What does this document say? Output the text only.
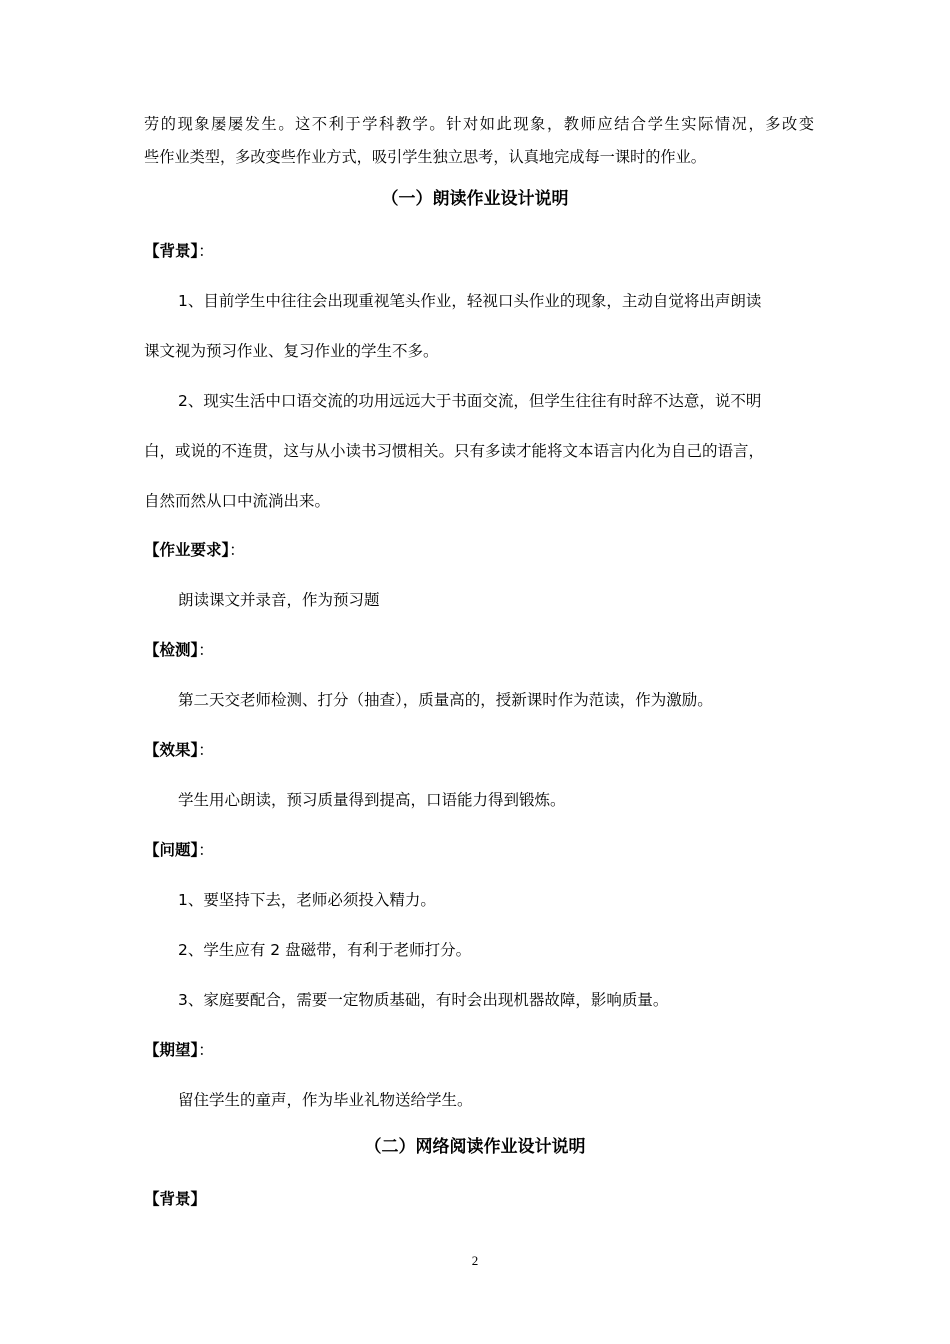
劳的现象屡屡发生。这不利于学科教学。针对如此现象，教师应结合学生实际情况，多改变
些作业类型，多改变些作业方式，吸引学生独立思考，认真地完成每一课时的作业。
（一）朗读作业设计说明
【背景】：
1、目前学生中往往会出现重视笔头作业，轻视口头作业的现象，主动自觉将出声朗读
课文视为预习作业、复习作业的学生不多。
2、现实生活中口语交流的功用远远大于书面交流，但学生往往有时辞不达意，说不明
白，或说的不连贯，这与从小读书习惯相关。只有多读才能将文本语言内化为自己的语言，
自然而然从口中流淌出来。
【作业要求】：
朗读课文并录音，作为预习题
【检测】：
第二天交老师检测、打分（抽查），质量高的，授新课时作为范读，作为激励。
【效果】：
学生用心朗读，预习质量得到提高，口语能力得到锻炼。
【问题】：
1、要坚持下去，老师必须投入精力。
2、学生应有 2 盘磁带，有利于老师打分。
3、家庭要配合，需要一定物质基础，有时会出现机器故障，影响质量。
【期望】：
留住学生的童声，作为毕业礼物送给学生。
（二）网络阅读作业设计说明
【背景】
2
